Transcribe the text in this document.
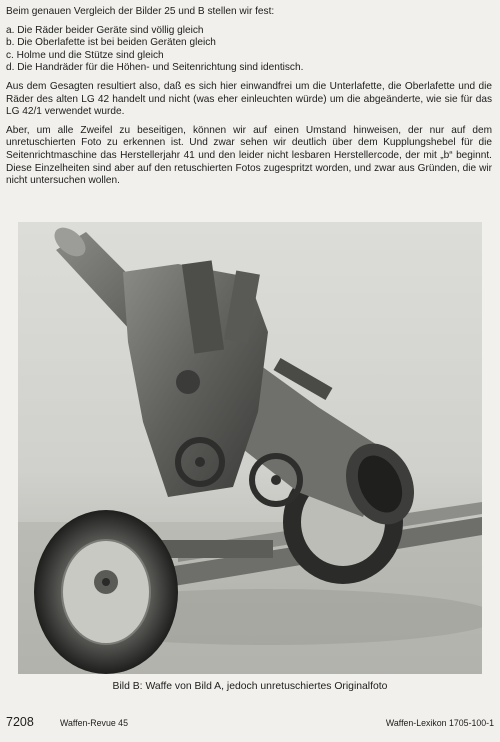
Beim genauen Vergleich der Bilder 25 und B stellen wir fest:

a. Die Räder beider Geräte sind völlig gleich
b. Die Oberlafette ist bei beiden Geräten gleich
c. Holme und die Stütze sind gleich
d. Die Handräder für die Höhen- und Seitenrichtung sind identisch.

Aus dem Gesagten resultiert also, daß es sich hier einwandfrei um die Unterlafette, die Oberlafette und die Räder des alten LG 42 handelt und nicht (was eher einleuchten würde) um die abgeänderte, wie sie für das LG 42/1 verwendet wurde.

Aber, um alle Zweifel zu beseitigen, können wir auf einen Umstand hinweisen, der nur auf dem unretuschierten Foto zu erkennen ist. Und zwar sehen wir deutlich über dem Kupplungshebel für die Seitenrichtmaschine das Herstellerjahr 41 und den leider nicht lesbaren Herstellercode, der mit „b“ beginnt. Diese Einzelheiten sind aber auf den retuschierten Fotos zugespritzt worden, und zwar aus Gründen, die wir nicht untersuchen wollen.

Bild B: Waffe von Bild A, jedoch unretuschiertes Originalfoto
7208	Waffen-Revue 45	Waffen-Lexikon 1705-100-1
